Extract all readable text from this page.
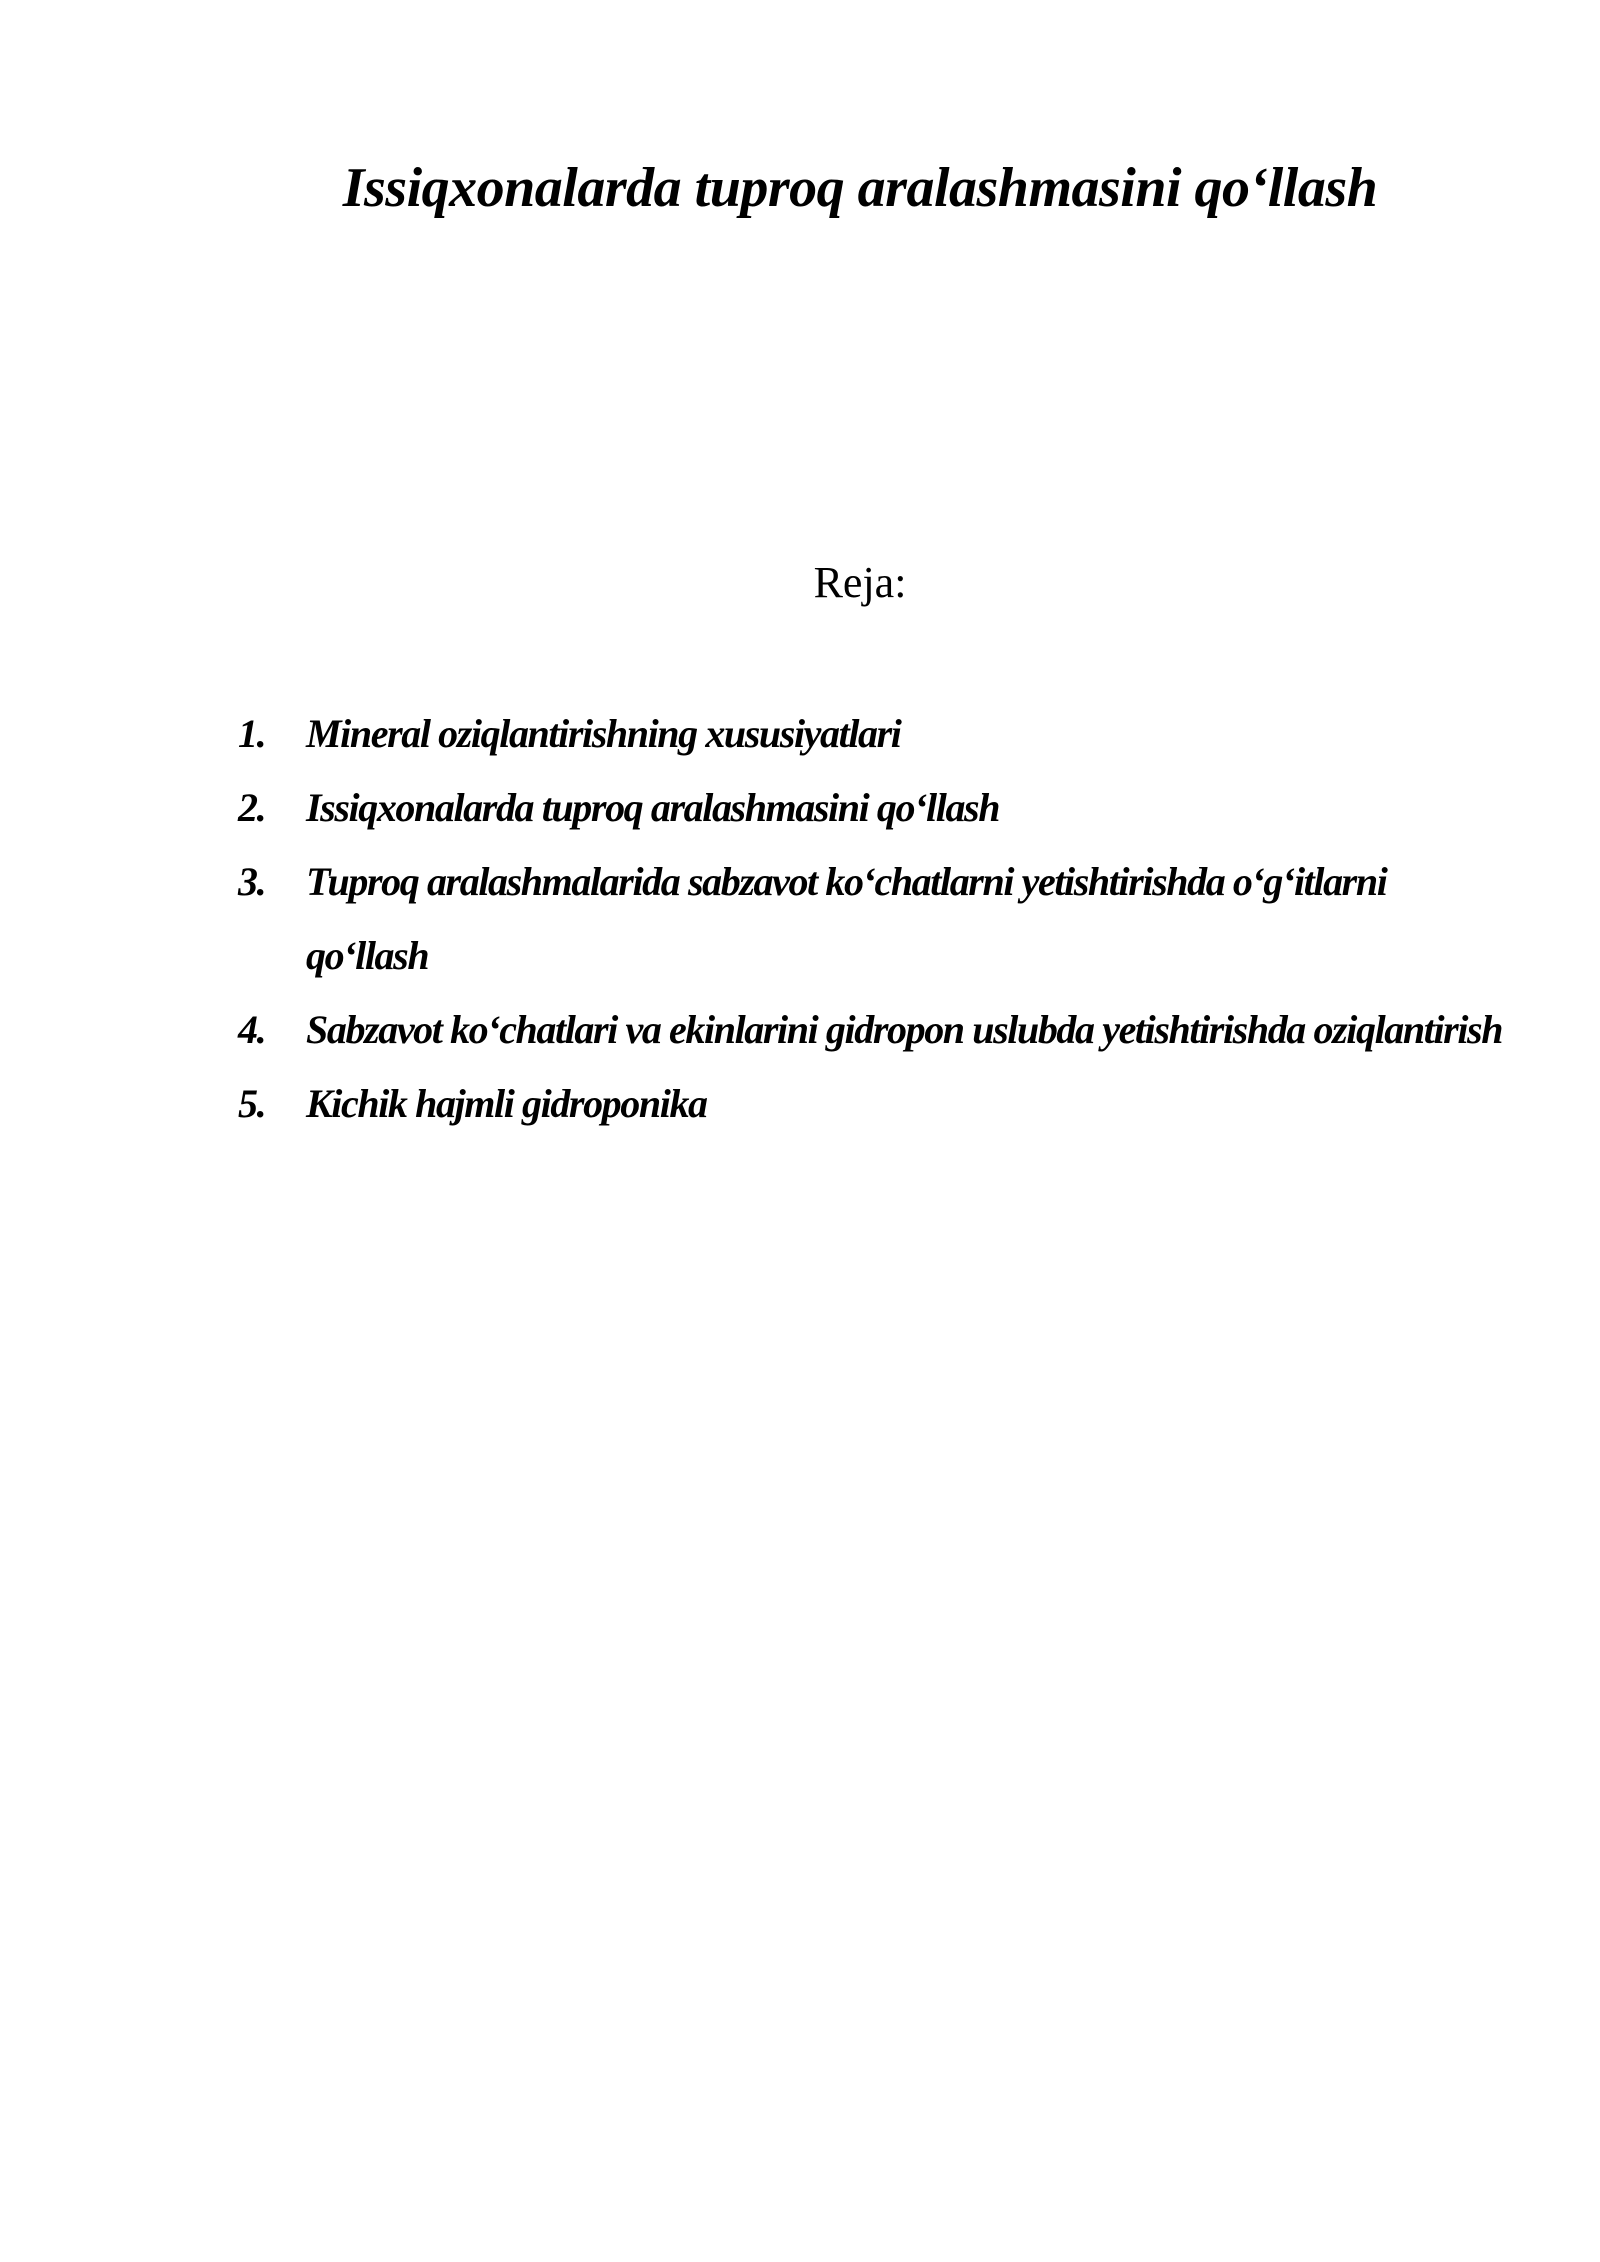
Issiqxonalarda tuproq aralashmasini qo‘llash

Reja:

1.	Mineral oziqlantirishning xususiyatlari
2.	Issiqxonalarda tuproq aralashmasini qo‘llash
3.	Tuproq aralashmalarida sabzavot ko‘chatlarni yetishtirishda o‘g‘itlarni qo‘llash
4.	Sabzavot ko‘chatlari va ekinlarini gidropon uslubda yetishtirishda oziqlantirish
5.	Kichik hajmli gidroponika
